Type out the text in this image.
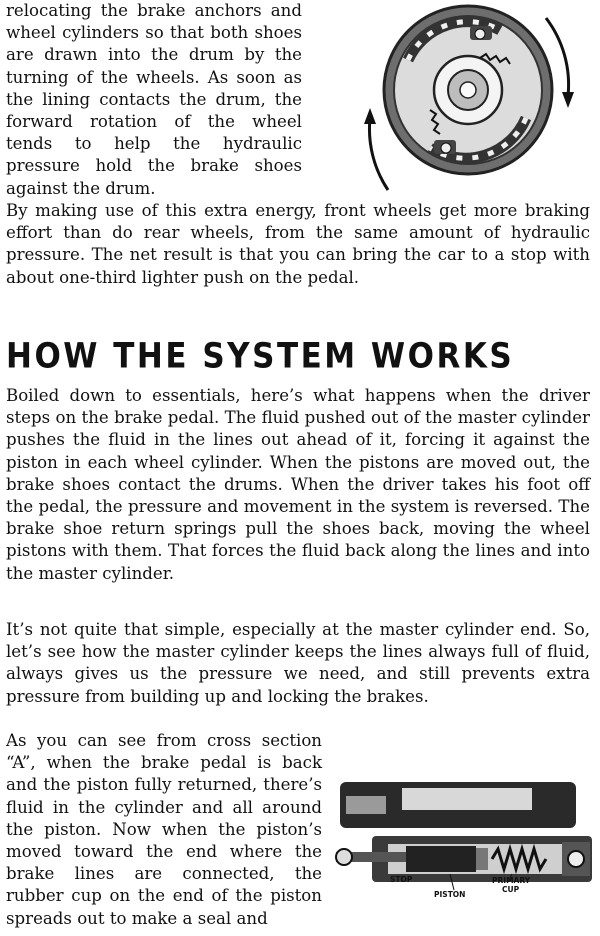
relocating the brake anchors and wheel cylinders so that both shoes are drawn into the drum by the turning of the wheels. As soon as the lining contacts the drum, the forward rotation of the wheel tends to help the hydraulic pressure hold the brake shoes against the drum.

By making use of this extra energy, front wheels get more braking effort than do rear wheels, from the same amount of hydraulic pressure. The net result is that you can bring the car to a stop with about one-third lighter push on the pedal.

HOW THE SYSTEM WORKS

Boiled down to essentials, here’s what happens when the driver steps on the brake pedal. The fluid pushed out of the master cylinder pushes the fluid in the lines out ahead of it, forcing it against the piston in each wheel cylinder. When the pistons are moved out, the brake shoes contact the drums. When the driver takes his foot off the pedal, the pressure and movement in the system is reversed. The brake shoe return springs pull the shoes back, moving the wheel pistons with them. That forces the fluid back along the lines and into the master cylinder.

It’s not quite that simple, especially at the master cylinder end. So, let’s see how the master cylinder keeps the lines always full of fluid, always gives us the pressure we need, and still prevents extra pressure from building up and locking the brakes.

As you can see from cross section “A”, when the brake pedal is back and the piston fully returned, there’s fluid in the cylinder and all around the piston. Now when the piston’s moved toward the end where the brake lines are connected, the rubber cup on the end of the piston spreads out to make a seal and

STOP
PISTON
PRIMARY
CUP
